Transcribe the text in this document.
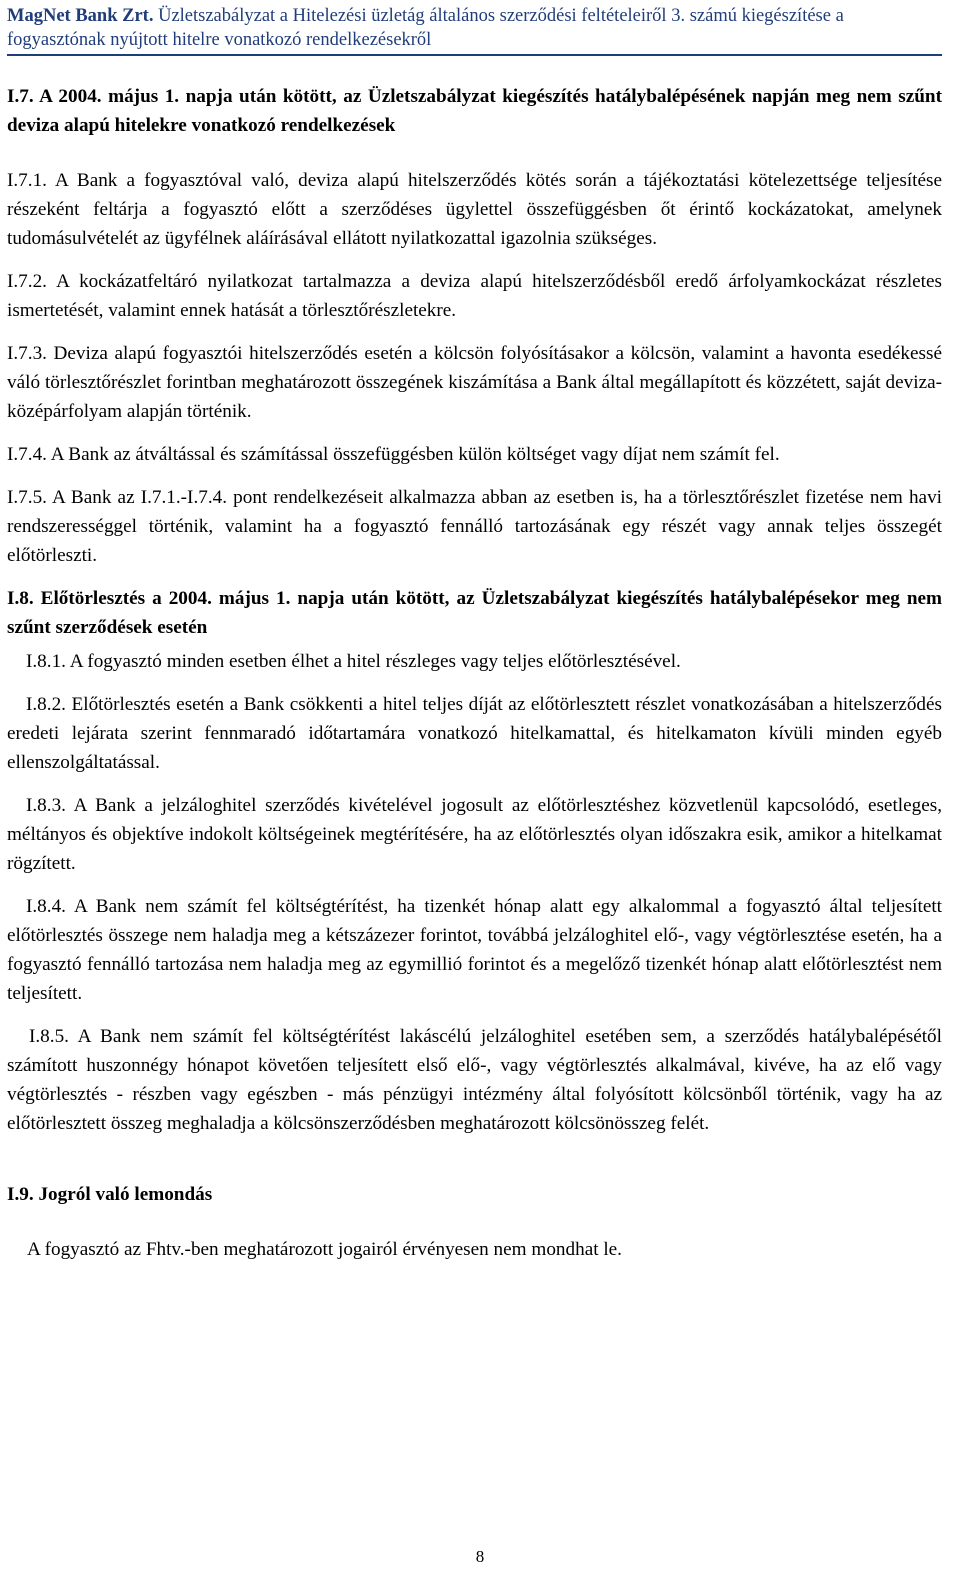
MagNet Bank Zrt. Üzletszabályzat a Hitelezési üzletág általános szerződési feltételeiről 3. számú kiegészítése a fogyasztónak nyújtott hitelre vonatkozó rendelkezésekről

I.7. A 2004. május 1. napja után kötött, az Üzletszabályzat kiegészítés hatálybalépésének napján meg nem szűnt deviza alapú hitelekre vonatkozó rendelkezések

I.7.1. A Bank a fogyasztóval való, deviza alapú hitelszerződés kötés során a tájékoztatási kötelezettsége teljesítése részeként feltárja a fogyasztó előtt a szerződéses ügylettel összefüggésben őt érintő kockázatokat, amelynek tudomásulvételét az ügyfélnek aláírásával ellátott nyilatkozattal igazolnia szükséges.

I.7.2. A kockázatfeltáró nyilatkozat tartalmazza a deviza alapú hitelszerződésből eredő árfolyamkockázat részletes ismertetését, valamint ennek hatását a törlesztőrészletekre.

I.7.3. Deviza alapú fogyasztói hitelszerződés esetén a kölcsön folyósításakor a kölcsön, valamint a havonta esedékessé váló törlesztőrészlet forintban meghatározott összegének kiszámítása a Bank által megállapított és közzétett, saját deviza-középárfolyam alapján történik.

I.7.4. A Bank az átváltással és számítással összefüggésben külön költséget vagy díjat nem számít fel.

I.7.5. A Bank az I.7.1.-I.7.4. pont rendelkezéseit alkalmazza abban az esetben is, ha a törlesztőrészlet fizetése nem havi rendszerességgel történik, valamint ha a fogyasztó fennálló tartozásának egy részét vagy annak teljes összegét előtörleszti.

I.8. Előtörlesztés a 2004. május 1. napja után kötött, az Üzletszabályzat kiegészítés hatálybalépésekor meg nem szűnt szerződések esetén

I.8.1. A fogyasztó minden esetben élhet a hitel részleges vagy teljes előtörlesztésével.

I.8.2. Előtörlesztés esetén a Bank csökkenti a hitel teljes díját az előtörlesztett részlet vonatkozásában a hitelszerződés eredeti lejárata szerint fennmaradó időtartamára vonatkozó hitelkamattal, és hitelkamaton kívüli minden egyéb ellenszolgáltatással.

I.8.3. A Bank a jelzáloghitel szerződés kivételével jogosult az előtörlesztéshez közvetlenül kapcsolódó, esetleges, méltányos és objektíve indokolt költségeinek megtérítésére, ha az előtörlesztés olyan időszakra esik, amikor a hitelkamat rögzített.

I.8.4. A Bank nem számít fel költségtérítést, ha tizenkét hónap alatt egy alkalommal a fogyasztó által teljesített előtörlesztés összege nem haladja meg a kétszázezer forintot, továbbá jelzáloghitel elő-, vagy végtörlesztése esetén, ha a fogyasztó fennálló tartozása nem haladja meg az egymillió forintot és a megelőző tizenkét hónap alatt előtörlesztést nem teljesített.

I.8.5. A Bank nem számít fel költségtérítést lakáscélú jelzáloghitel esetében sem, a szerződés hatálybalépésétől számított huszonnégy hónapot követően teljesített első elő-, vagy végtörlesztés alkalmával, kivéve, ha az elő vagy végtörlesztés - részben vagy egészben - más pénzügyi intézmény által folyósított kölcsönből történik, vagy ha az előtörlesztett összeg meghaladja a kölcsönszerződésben meghatározott kölcsönösszeg felét.

I.9. Jogról való lemondás

A fogyasztó az Fhtv.-ben meghatározott jogairól érvényesen nem mondhat le.

8
